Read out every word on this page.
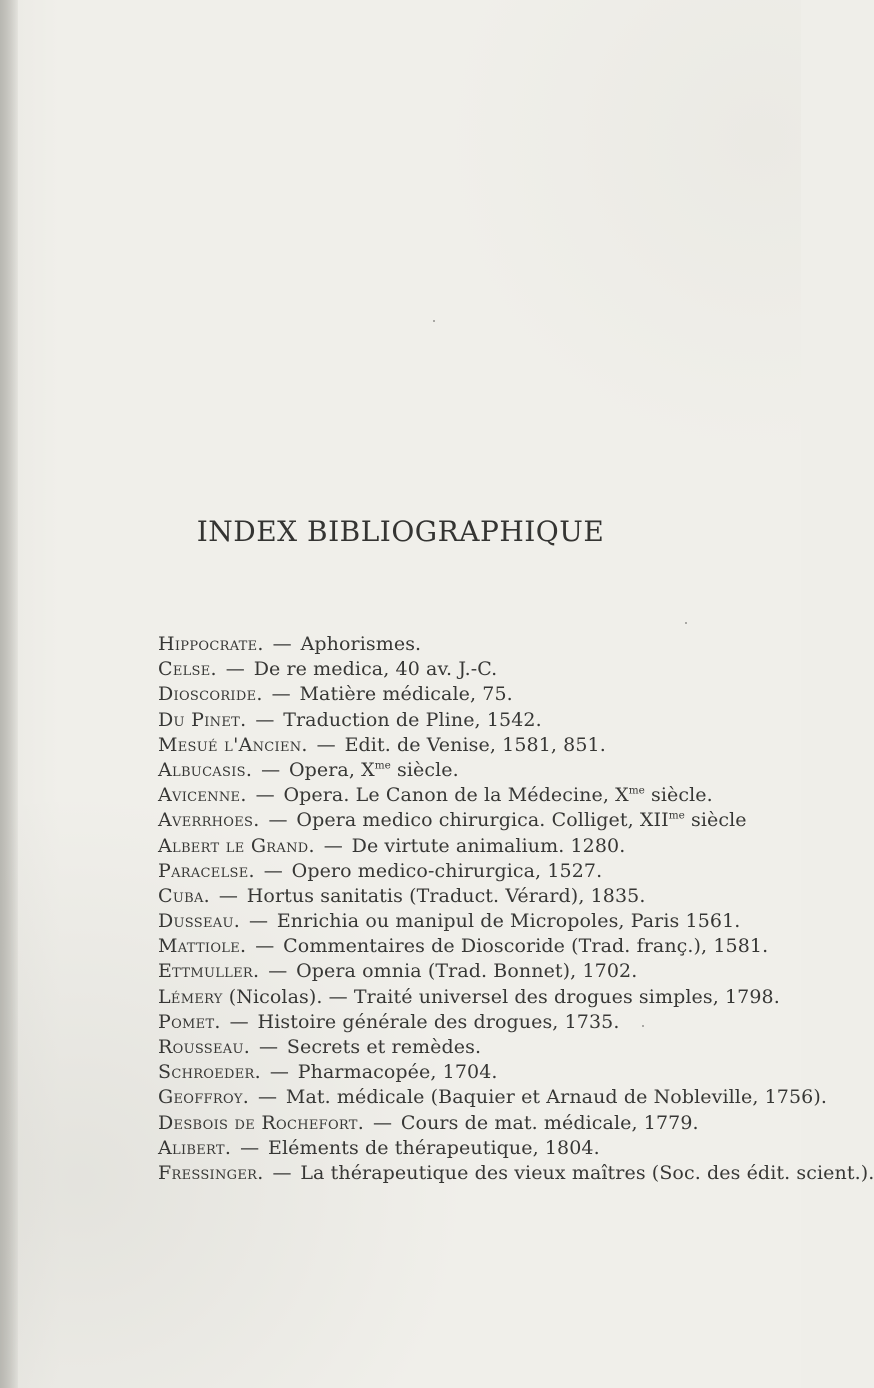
INDEX BIBLIOGRAPHIQUE
Hippocrate. — Aphorismes.
Celse. — De re medica, 40 av. J.-C.
Dioscoride. — Matière médicale, 75.
Du Pinet. — Traduction de Pline, 1542.
Mesué l'Ancien. — Edit. de Venise, 1581, 851.
Albucasis. — Opera, $X^{me}$ siècle.
Avicenne. — Opera. Le Canon de la Médecine, $X^{me}$ siècle.
Averrhoes. — Opera medico chirurgica. Colliget, $XII^{me}$ siècle
Albert le Grand. — De virtute animalium. 1280.
Paracelse. — Opero medico-chirurgica, 1527.
Cuba. — Hortus sanitatis (Traduct. Vérard), 1835.
Dusseau. — Enrichia ou manipul de Micropoles, Paris 1561.
Mattiole. — Commentaires de Dioscoride (Trad. franç.), 1581.
Ettmuller. — Opera omnia (Trad. Bonnet), 1702.
Lémery (Nicolas). — Traité universel des drogues simples, 1798.
Pomet. — Histoire générale des drogues, 1735.
Rousseau. — Secrets et remèdes.
Schroeder. — Pharmacopée, 1704.
Geoffroy. — Mat. médicale (Baquier et Arnaud de Nobleville, 1756).
Desbois de Rochefort. — Cours de mat. médicale, 1779.
Alibert. — Eléments de thérapeutique, 1804.
Fressinger. — La thérapeutique des vieux maîtres (Soc. des édit. scient.).
